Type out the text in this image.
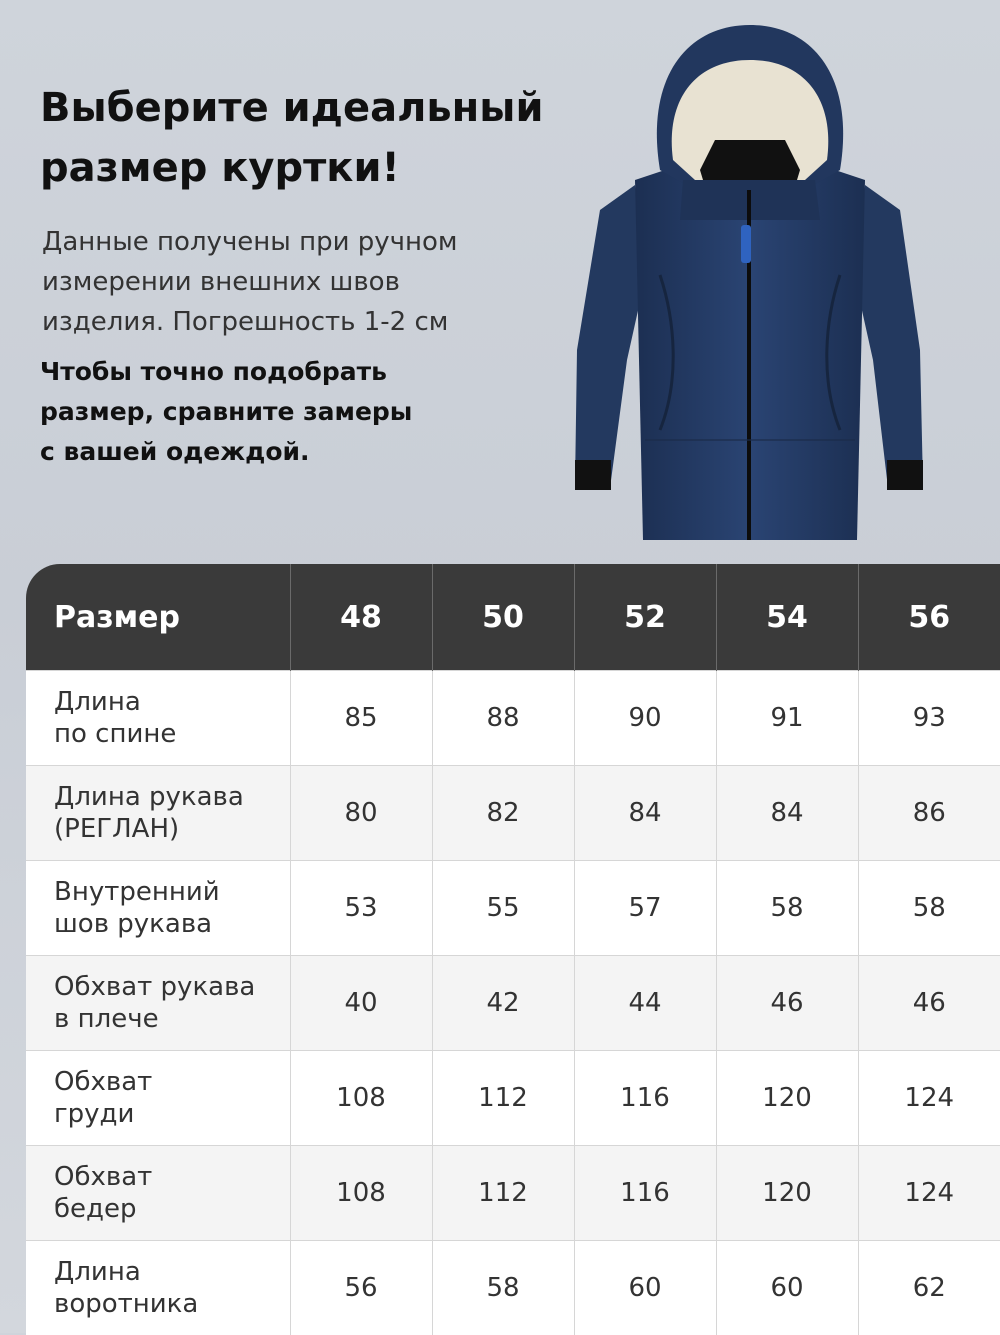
Выберите идеальный
размер куртки!
Данные получены при ручном
измерении внешних швов
изделия. Погрешность 1-2 см
Чтобы точно подобрать
размер, сравните замеры
с вашей одеждой.
Размер	48	50	52	54	56

Длина
по спине	85	88	90	91	93

Длина рукава
(РЕГЛАН)	80	82	84	84	86

Внутренний
шов рукава	53	55	57	58	58

Обхват рукава
в плече	40	42	44	46	46

Обхват
груди	108	112	116	120	124

Обхват
бедер	108	112	116	120	124

Длина
воротника	56	58	60	60	62
